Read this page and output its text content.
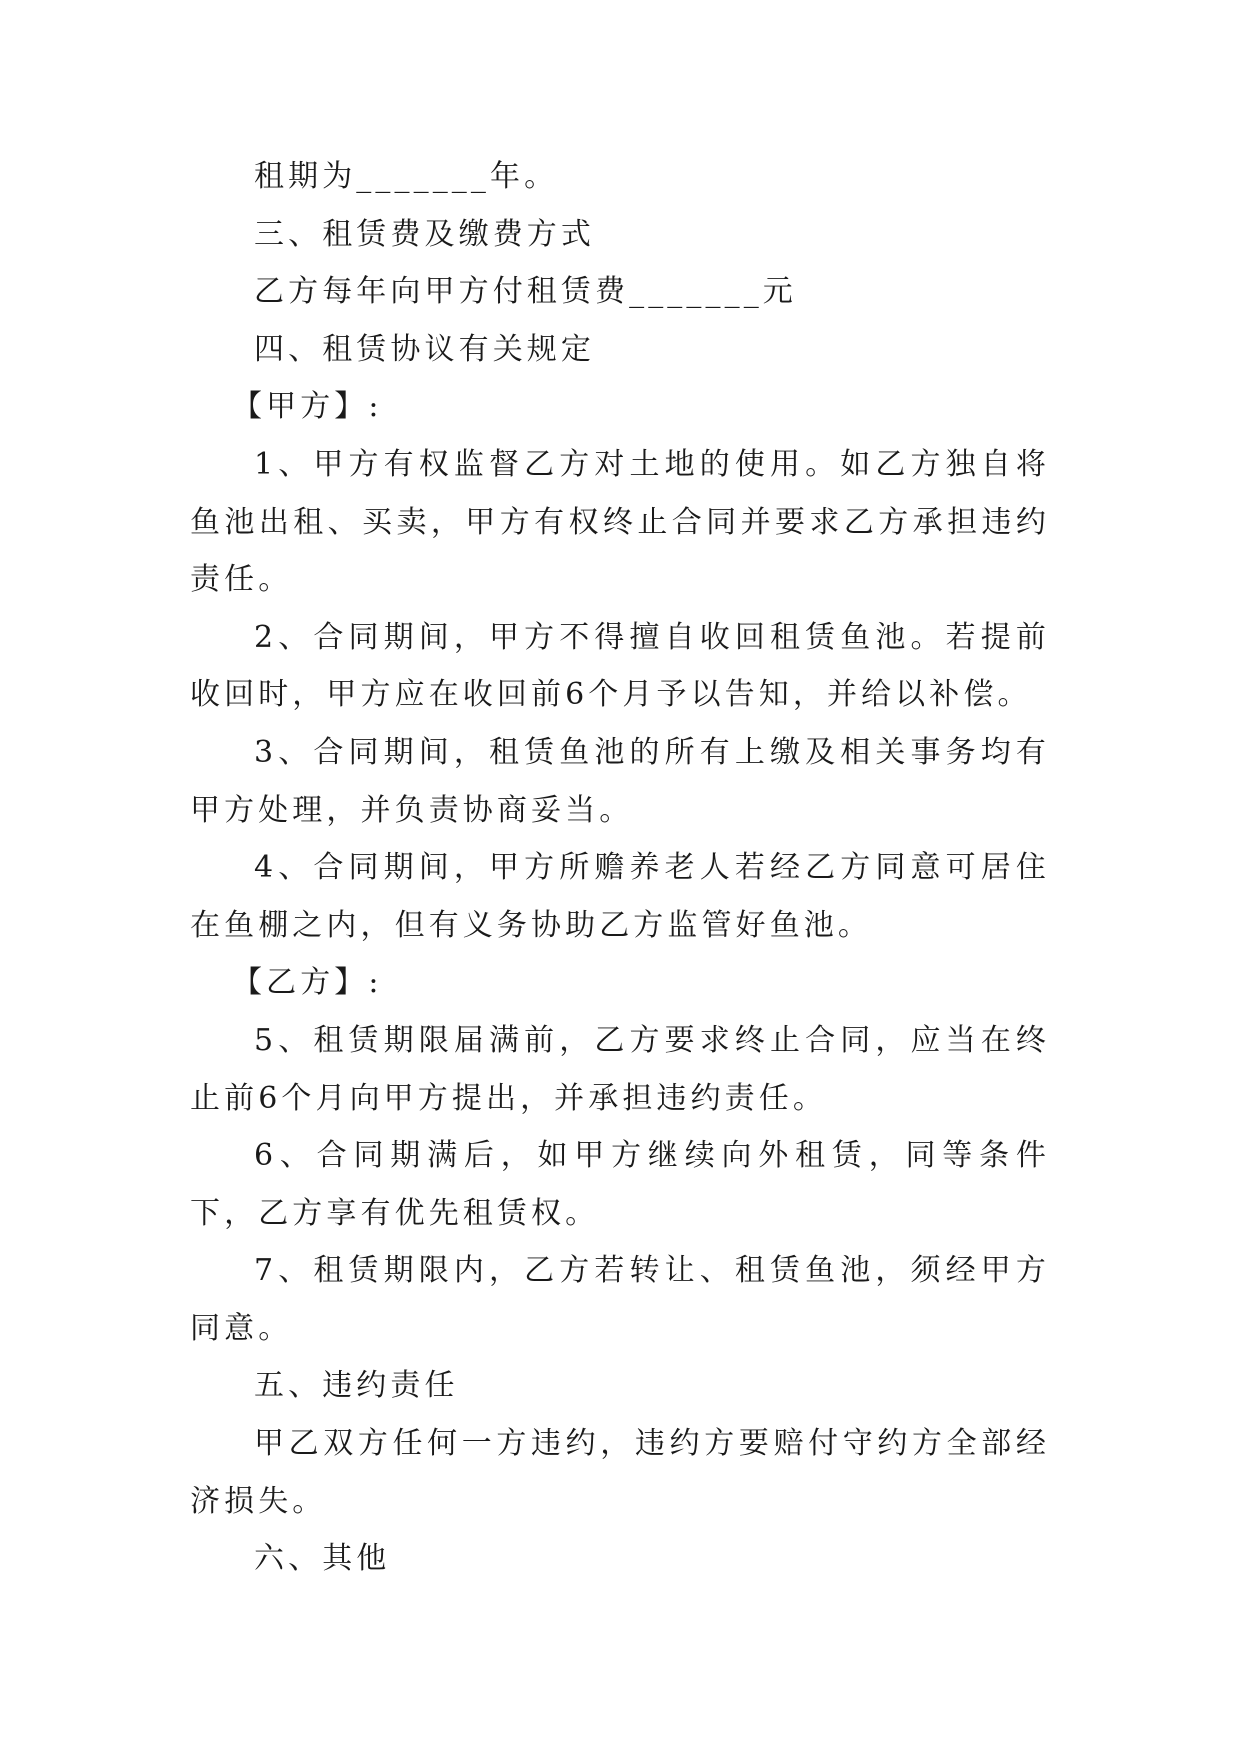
租期为_______年。

三、租赁费及缴费方式

乙方每年向甲方付租赁费_______元

四、租赁协议有关规定

【甲方】:

1、甲方有权监督乙方对土地的使用。如乙方独自将鱼池出租、买卖，甲方有权终止合同并要求乙方承担违约责任。

2、合同期间，甲方不得擅自收回租赁鱼池。若提前收回时，甲方应在收回前6个月予以告知，并给以补偿。

3、合同期间，租赁鱼池的所有上缴及相关事务均有甲方处理，并负责协商妥当。

4、合同期间，甲方所赡养老人若经乙方同意可居住在鱼棚之内，但有义务协助乙方监管好鱼池。

【乙方】:

5、租赁期限届满前，乙方要求终止合同，应当在终止前6个月向甲方提出，并承担违约责任。

6、合同期满后，如甲方继续向外租赁，同等条件下，乙方享有优先租赁权。

7、租赁期限内，乙方若转让、租赁鱼池，须经甲方同意。

五、违约责任

甲乙双方任何一方违约，违约方要赔付守约方全部经济损失。

六、其他
